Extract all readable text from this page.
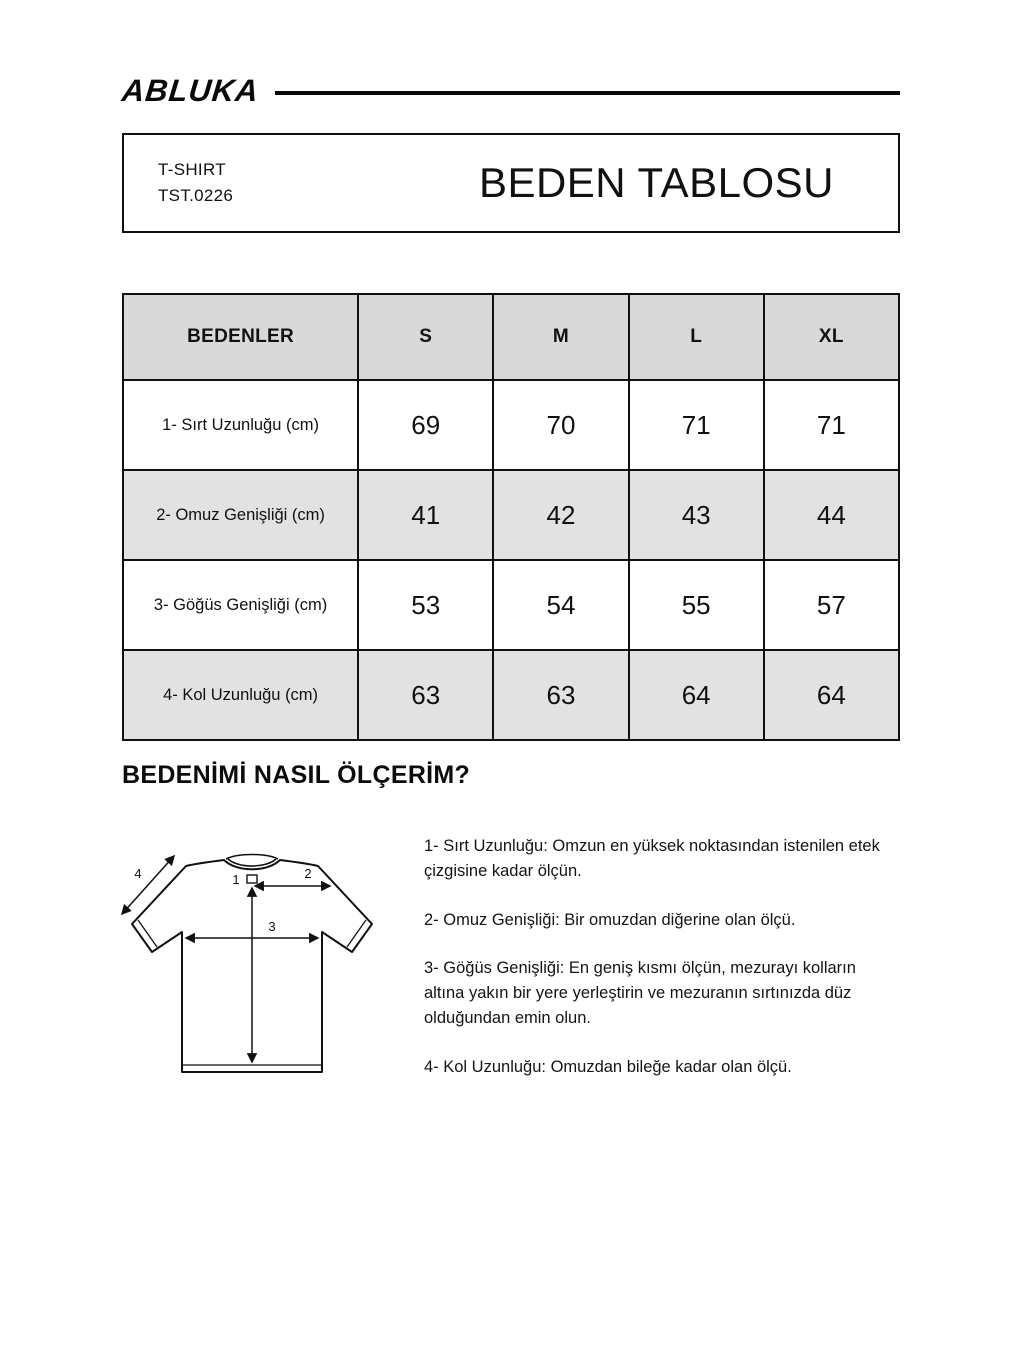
ABLUKA
T-SHIRT
TST.0226	BEDEN TABLOSU
BEDENLER	S	M	L	XL
1- Sırt Uzunluğu (cm)	69	70	71	71
2- Omuz Genişliği (cm)	41	42	43	44
3- Göğüs Genişliği (cm)	53	54	55	57
4- Kol Uzunluğu (cm)	63	63	64	64
BEDENİMİ NASIL ÖLÇERİM?
1	2
3
4

1- Sırt Uzunluğu: Omzun en yüksek noktasından istenilen etek çizgisine kadar ölçün.

2- Omuz Genişliği: Bir omuzdan diğerine olan ölçü.

3- Göğüs Genişliği: En geniş kısmı ölçün, mezurayı kolların altına yakın bir yere yerleştirin ve mezuranın sırtınızda düz olduğundan emin olun.

4- Kol Uzunluğu: Omuzdan bileğe kadar olan ölçü.
